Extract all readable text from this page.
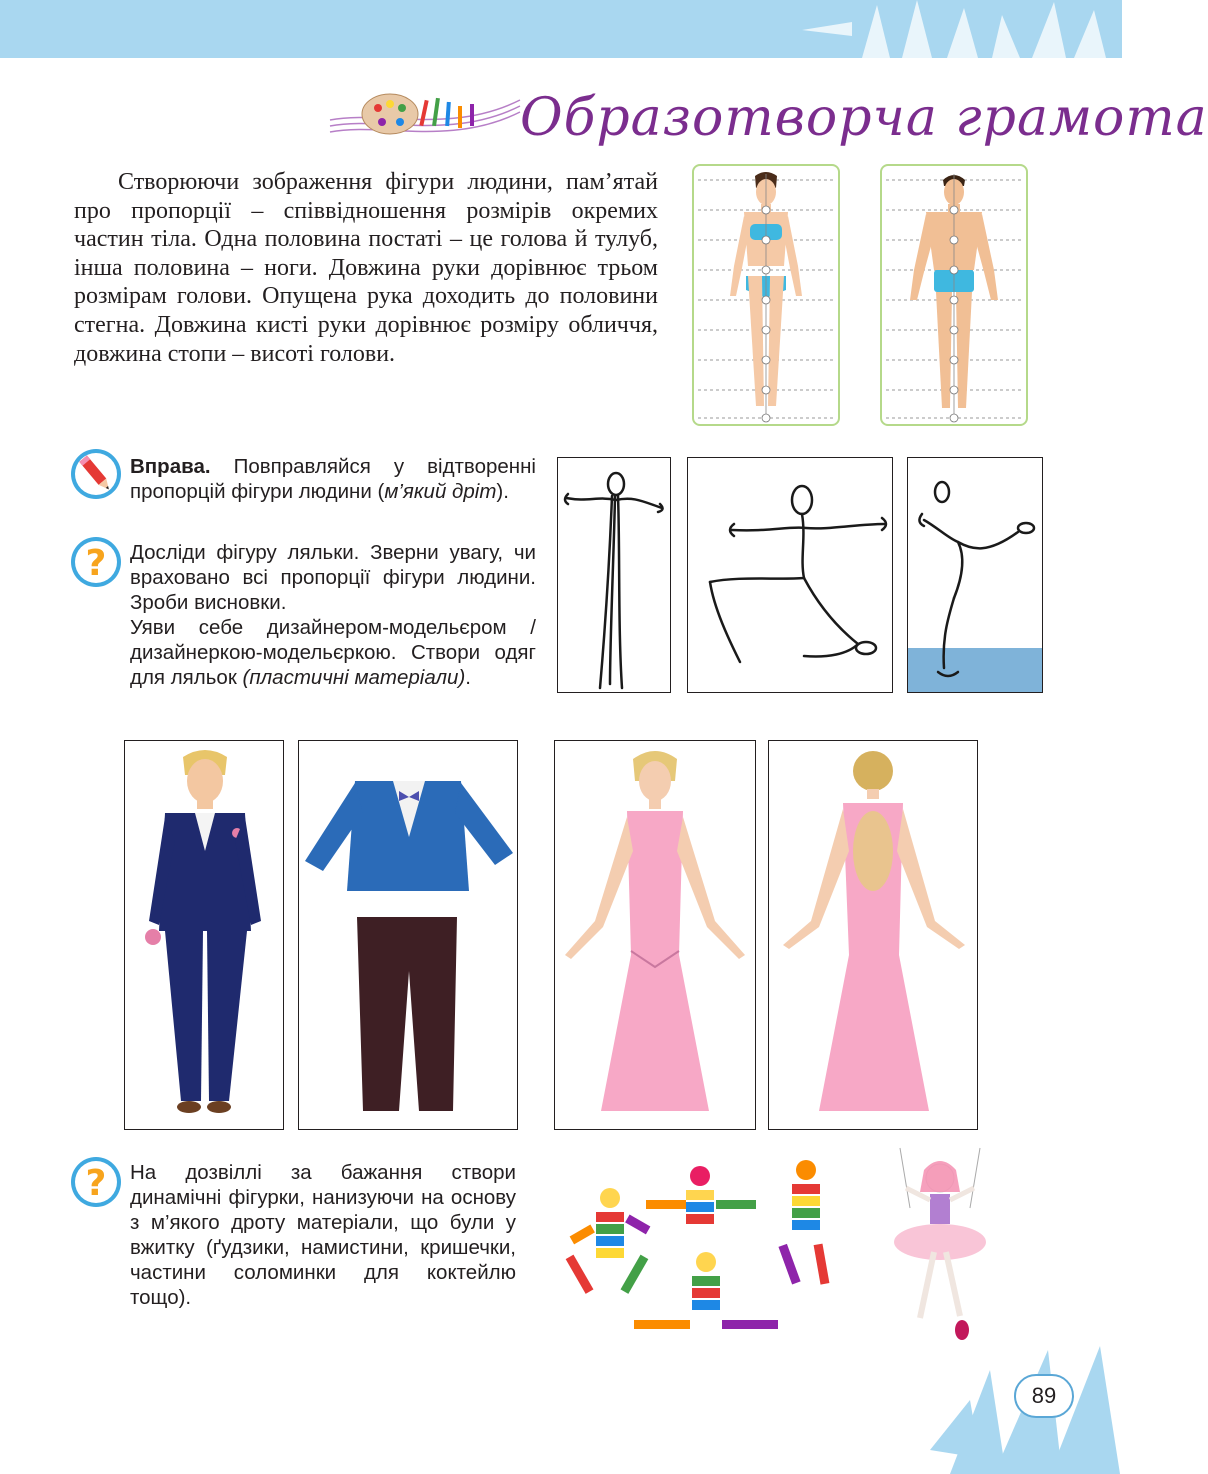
Образотворча грамота

Створюючи зображення фігури людини, пам’ятай про пропорції – співвідношення розмірів окремих частин тіла. Одна половина постаті – це голова й тулуб, інша половина – ноги. Довжина руки дорівнює трьом розмірам голови. Опущена рука доходить до половини стегна. Довжина кисті руки дорівнює розміру обличчя, довжина стопи – висоті голови.

Вправа. Повправляйся у відтворенні пропорцій фігури людини (м’який дріт).
? Досліди фігуру ляльки. Зверни увагу, чи враховано всі пропорції фігури людини. Зроби висновки.
Уяви себе дизайнером-модельєром / дизайнеркою-модельєркою. Створи одяг для ляльок (пластичні матеріали).
? На дозвіллі за бажання створи динамічні фігурки, нанизуючи на основу з м’якого дроту матеріали, що були у вжитку (ґудзики, намистини, кришечки, частини соломинки для коктейлю тощо).
89
